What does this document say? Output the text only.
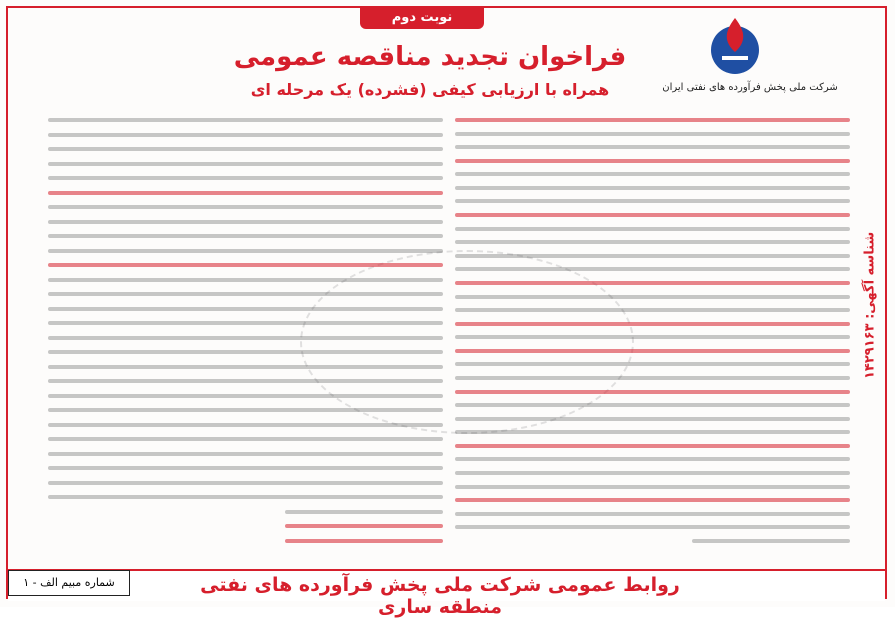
نوبت دوم
فراخوان تجدید مناقصه عمومی
همراه با ارزیابی کیفی (فشرده) یک مرحله ای	شرکت ملی پخش فرآورده های نفتی ایران
شناسه آگهی: ۱۴۲۹۱۶۳
روابط عمومی شرکت ملی پخش فرآورده های نفتی منطقه ساری
شماره مبیم الف - ۱
